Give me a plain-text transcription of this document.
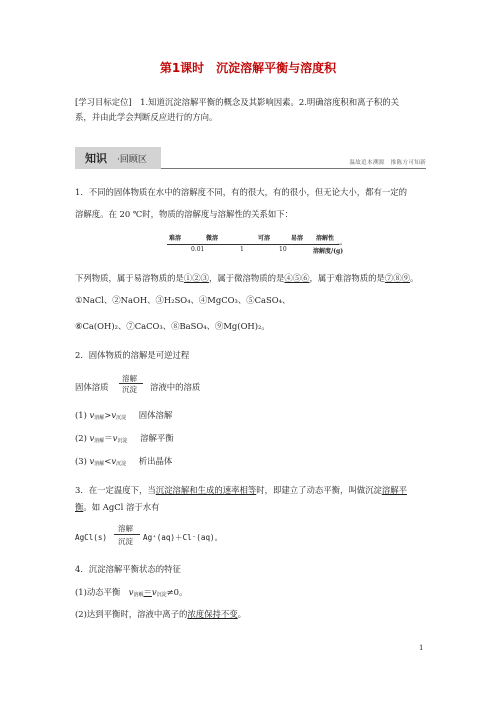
第1课时　沉淀溶解平衡与溶度积
[学习目标定位]　1.知道沉淀溶解平衡的概念及其影响因素。2.明确溶度积和离子积的关
系，并由此学会判断反应进行的方向。
知识 ·回顾区	温故追本溯源　推陈方可知新
1．不同的固体物质在水中的溶解度不同，有的很大，有的很小，但无论大小，都有一定的
溶解度。在 20 ℃时，物质的溶解度与溶解性的关系如下：
难溶	微溶	可溶	易溶 溶解性
→
0.01	1	10	溶解度/(g)
下列物质，属于易溶物质的是①②③，属于微溶物质的是④⑤⑥，属于难溶物质的是⑦⑧⑨。
①NaCl、②NaOH、③H₂SO₄、④MgCO₃、⑤CaSO₄、
⑥Ca(OH)₂、⑦CaCO₃、⑧BaSO₄、⑨Mg(OH)₂。
2．固体物质的溶解是可逆过程
固体溶质
溶解
沉淀 溶液中的溶质
(1) $v_{溶解}>v_{沉淀}$ 固体溶解
(2) $v_{溶解}=v_{沉淀}$ 溶解平衡
(3) $v_{溶解}<v_{沉淀}$ 析出晶体
3．在一定温度下，当沉淀溶解和生成的速率相等时，即建立了动态平衡，叫做沉淀溶解平
衡。如 AgCl 溶于水有
AgCl(s)
溶解
沉淀 Ag⁺(aq)＋Cl⁻(aq)。
4．沉淀溶解平衡状态的特征
(1)动态平衡　$v_{溶解}=v_{沉淀}\ne 0$。
(2)达到平衡时，溶液中离子的浓度保持不变。
1
